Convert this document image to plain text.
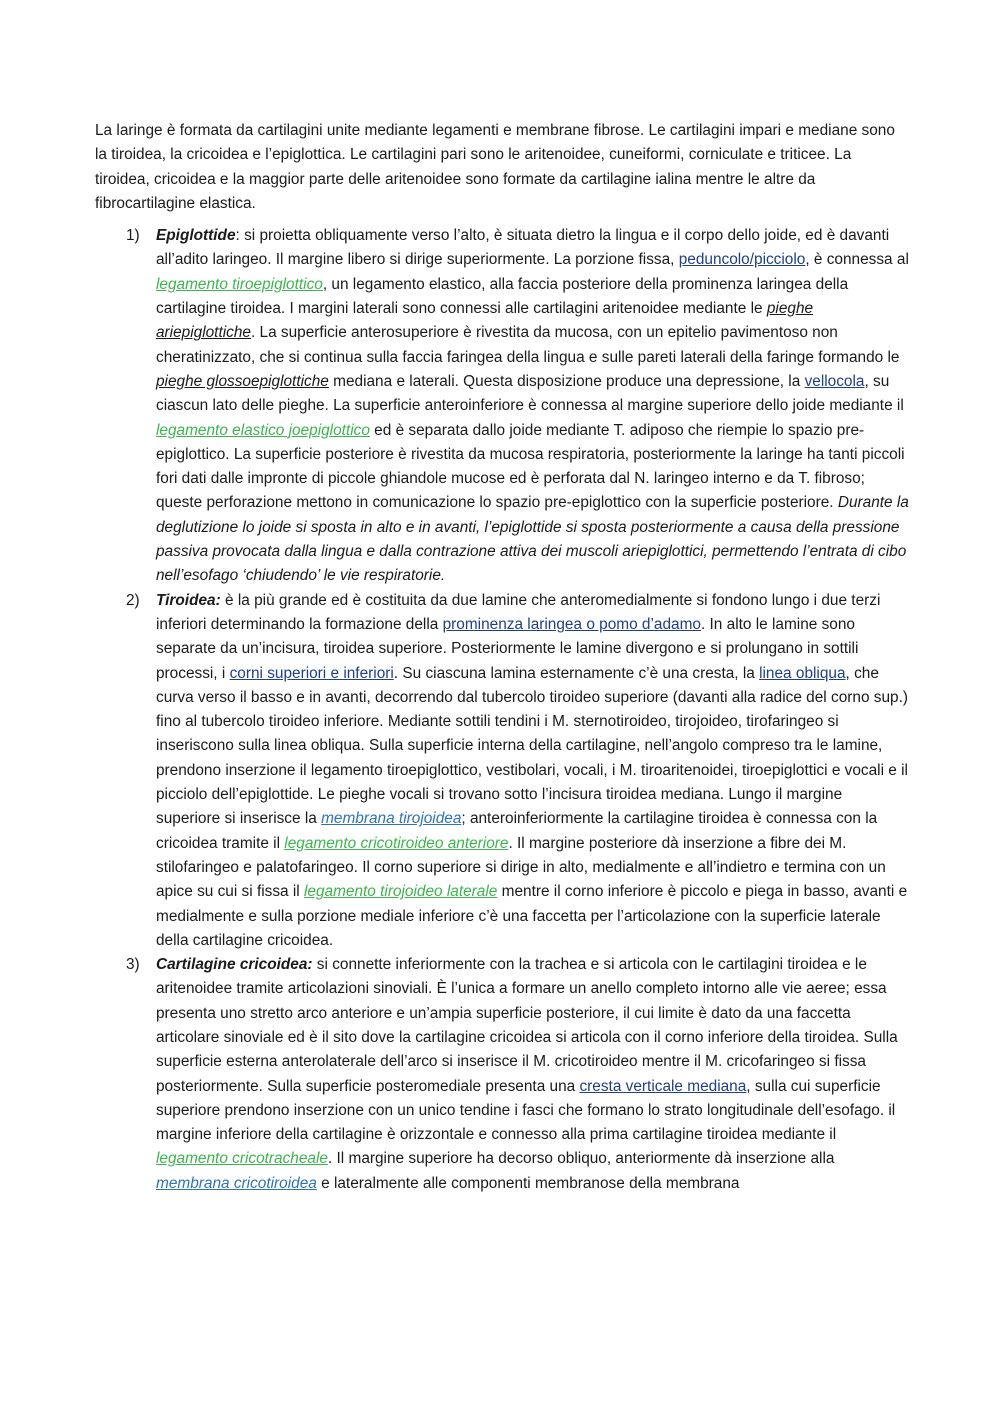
La laringe è formata da cartilagini unite mediante legamenti e membrane fibrose. Le cartilagini impari e mediane sono la tiroidea, la cricoidea e l’epiglottica. Le cartilagini pari sono le aritenoidee, cuneiformi, corniculate e triticee. La tiroidea, cricoidea e la maggior parte delle aritenoidee sono formate da cartilagine ialina mentre le altre da fibrocartilagine elastica.

1) Epiglottide: si proietta obliquamente verso l’alto, è situata dietro la lingua e il corpo dello joide, ed è davanti all’adito laringeo. Il margine libero si dirige superiormente. La porzione fissa, peduncolo/picciolo, è connessa al legamento tiroepiglottico, un legamento elastico, alla faccia posteriore della prominenza laringea della cartilagine tiroidea. I margini laterali sono connessi alle cartilagini aritenoidee mediante le pieghe ariepiglottiche. La superficie anterosuperiore è rivestita da mucosa, con un epitelio pavimentoso non cheratinizzato, che si continua sulla faccia faringea della lingua e sulle pareti laterali della faringe formando le pieghe glossoepiglottiche mediana e laterali. Questa disposizione produce una depressione, la vellocola, su ciascun lato delle pieghe. La superficie anteroinferiore è connessa al margine superiore dello joide mediante il legamento elastico joepiglottico ed è separata dallo joide mediante T. adiposo che riempie lo spazio pre-epiglottico. La superficie posteriore è rivestita da mucosa respiratoria, posteriormente la laringe ha tanti piccoli fori dati dalle impronte di piccole ghiandole mucose ed è perforata dal N. laringeo interno e da T. fibroso; queste perforazione mettono in comunicazione lo spazio pre-epiglottico con la superficie posteriore. Durante la deglutizione lo joide si sposta in alto e in avanti, l’epiglottide si sposta posteriormente a causa della pressione passiva provocata dalla lingua e dalla contrazione attiva dei muscoli ariepiglottici, permettendo l’entrata di cibo nell’esofago ‘chiudendo’ le vie respiratorie.
2) Tiroidea: è la più grande ed è costituita da due lamine che anteromedialmente si fondono lungo i due terzi inferiori determinando la formazione della prominenza laringea o pomo d’adamo. In alto le lamine sono separate da un’incisura, tiroidea superiore. Posteriormente le lamine divergono e si prolungano in sottili processi, i corni superiori e inferiori. Su ciascuna lamina esternamente c’è una cresta, la linea obliqua, che curva verso il basso e in avanti, decorrendo dal tubercolo tiroideo superiore (davanti alla radice del corno sup.) fino al tubercolo tiroideo inferiore. Mediante sottili tendini i M. sternotiroideo, tirojoideo, tirofaringeo si inseriscono sulla linea obliqua. Sulla superficie interna della cartilagine, nell’angolo compreso tra le lamine, prendono inserzione il legamento tiroepiglottico, vestibolari, vocali, i M. tiroaritenoidei, tiroepiglottici e vocali e il picciolo dell’epiglottide. Le pieghe vocali si trovano sotto l’incisura tiroidea mediana. Lungo il margine superiore si inserisce la membrana tirojoidea; anteroinferiormente la cartilagine tiroidea è connessa con la cricoidea tramite il legamento cricotiroideo anteriore. Il margine posteriore dà inserzione a fibre dei M. stilofaringeo e palatofaringeo. Il corno superiore si dirige in alto, medialmente e all’indietro e termina con un apice su cui si fissa il legamento tirojoideo laterale mentre il corno inferiore è piccolo e piega in basso, avanti e medialmente e sulla porzione mediale inferiore c’è una faccetta per l’articolazione con la superficie laterale della cartilagine cricoidea.
3) Cartilagine cricoidea: si connette inferiormente con la trachea e si articola con le cartilagini tiroidea e le aritenoidee tramite articolazioni sinoviali. È l’unica a formare un anello completo intorno alle vie aeree; essa presenta uno stretto arco anteriore e un’ampia superficie posteriore, il cui limite è dato da una faccetta articolare sinoviale ed è il sito dove la cartilagine cricoidea si articola con il corno inferiore della tiroidea. Sulla superficie esterna anterolaterale dell’arco si inserisce il M. cricotiroideo mentre il M. cricofaringeo si fissa posteriormente. Sulla superficie posteromediale presenta una cresta verticale mediana, sulla cui superficie superiore prendono inserzione con un unico tendine i fasci che formano lo strato longitudinale dell’esofago. il margine inferiore della cartilagine è orizzontale e connesso alla prima cartilagine tiroidea mediante il legamento cricotracheale. Il margine superiore ha decorso obliquo, anteriormente dà inserzione alla membrana cricotiroidea e lateralmente alle componenti membranose della membrana
